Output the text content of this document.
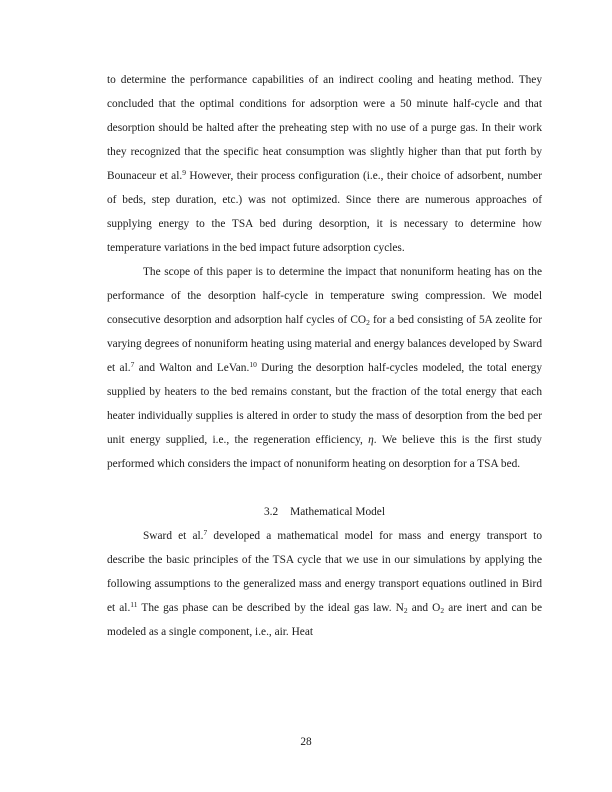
to determine the performance capabilities of an indirect cooling and heating method. They concluded that the optimal conditions for adsorption were a 50 minute half-cycle and that desorption should be halted after the preheating step with no use of a purge gas. In their work they recognized that the specific heat consumption was slightly higher than that put forth by Bounaceur et al.$^9$ However, their process configuration (i.e., their choice of adsorbent, number of beds, step duration, etc.) was not optimized. Since there are numerous approaches of supplying energy to the TSA bed during desorption, it is necessary to determine how temperature variations in the bed impact future adsorption cycles.

The scope of this paper is to determine the impact that nonuniform heating has on the performance of the desorption half-cycle in temperature swing compression. We model consecutive desorption and adsorption half cycles of $CO_2$ for a bed consisting of 5A zeolite for varying degrees of nonuniform heating using material and energy balances developed by Sward et al.$^7$ and Walton and LeVan.$^{10}$ During the desorption half-cycles modeled, the total energy supplied by heaters to the bed remains constant, but the fraction of the total energy that each heater individually supplies is altered in order to study the mass of desorption from the bed per unit energy supplied, i.e., the regeneration efficiency, η. We believe this is the first study performed which considers the impact of nonuniform heating on desorption for a TSA bed.

3.2 Mathematical Model

Sward et al.$^7$ developed a mathematical model for mass and energy transport to describe the basic principles of the TSA cycle that we use in our simulations by applying the following assumptions to the generalized mass and energy transport equations outlined in Bird et al.$^{11}$ The gas phase can be described by the ideal gas law. $N_2$ and $O_2$ are inert and can be modeled as a single component, i.e., air. Heat

28
